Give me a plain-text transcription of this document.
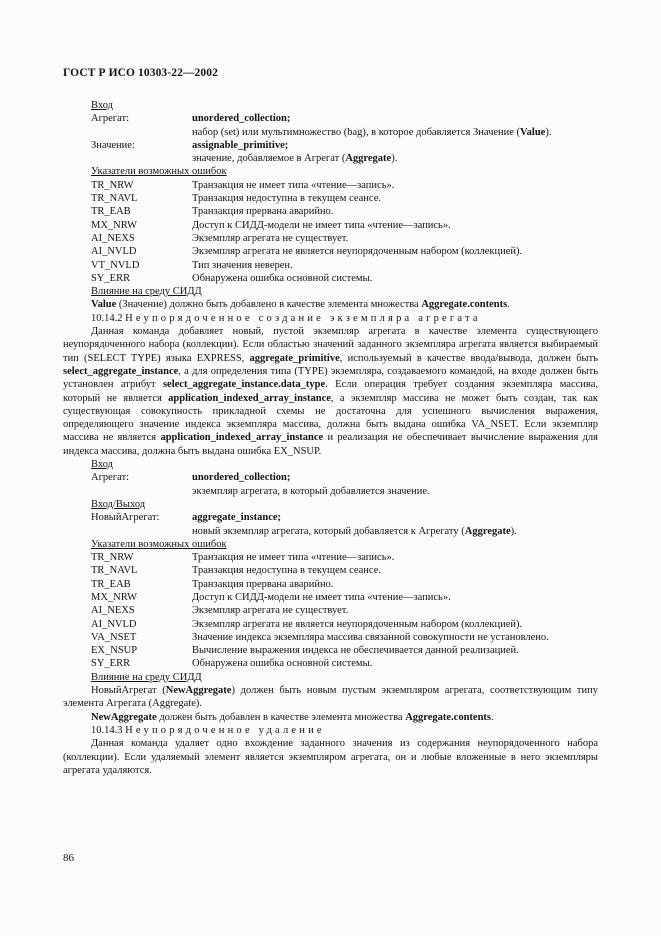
ГОСТ Р ИСО 10303-22—2002
Вход
Агрегат:	unordered_collection;
набор (set) или мультимножество (bag), в которое добавляется Значение (Value).
Значение:	assignable_primitive;
значение, добавляемое в Агрегат (Aggregate).
Указатели возможных ошибок
TR_NRW	Транзакция не имеет типа «чтение—запись».
TR_NAVL	Транзакция недоступна в текущем сеансе.
TR_EAB	Транзакция прервана аварийно.
MX_NRW	Доступ к СИДД-модели не имеет типа «чтение—запись».
AI_NEXS	Экземпляр агрегата не существует.
AI_NVLD	Экземпляр агрегата не является неупорядоченным набором (коллекцией).
VT_NVLD	Тип значения неверен.
SY_ERR	Обнаружена ошибка основной системы.
Влияние на среду СИДД
Value (Значение) должно быть добавлено в качестве элемента множества Aggregate.contents.
10.14.2 Неупорядоченное создание экземпляра агрегата
Данная команда добавляет новый, пустой экземпляр агрегата в качестве элемента существующего неупорядоченного набора (коллекции). Если областью значений заданного экземпляра агрегата является выбираемый тип (SELECT TYPE) языка EXPRESS, aggregate_primitive, используемый в качестве ввода/вывода, должен быть select_aggregate_instance, а для определения типа (TYPE) экземпляра, создаваемого командой, на входе должен быть установлен атрибут select_aggregate_instance.data_type. Если операция требует создания экземпляра массива, который не является application_indexed_array_instance, а экземпляр массива не может быть создан, так как существующая совокупность прикладной схемы не достаточна для успешного вычисления выражения, определяющего значение индекса экземпляра массива, должна быть выдана ошибка VA_NSET. Если экземпляр массива не является application_indexed_array_instance и реализация не обеспечивает вычисление выражения для индекса массива, должна быть выдана ошибка EX_NSUP.
Вход
Агрегат:	unordered_collection;
экземпляр агрегата, в который добавляется значение.
Вход/Выход
НовыйАгрегат:	aggregate_instance;
новый экземпляр агрегата, который добавляется к Агрегату (Aggregate).
Указатели возможных ошибок
TR_NRW	Транзакция не имеет типа «чтение—запись».
TR_NAVL	Транзакция недоступна в текущем сеансе.
TR_EAB	Транзакция прервана аварийно.
MX_NRW	Доступ к СИДД-модели не имеет типа «чтение—запись».
AI_NEXS	Экземпляр агрегата не существует.
AI_NVLD	Экземпляр агрегата не является неупорядоченным набором (коллекцией).
VA_NSET	Значение индекса экземпляра массива связанной совокупности не установлено.
EX_NSUP	Вычисление выражения индекса не обеспечивается данной реализацией.
SY_ERR	Обнаружена ошибка основной системы.
Влияние на среду СИДД
НовыйАгрегат (NewAggregate) должен быть новым пустым экземпляром агрегата, соответствующим типу элемента Агрегата (Aggregate).
NewAggregate должен быть добавлен в качестве элемента множества Aggregate.contents.
10.14.3 Неупорядоченное удаление
Данная команда удаляет одно вхождение заданного значения из содержания неупорядоченного набора (коллекции). Если удаляемый элемент является экземпляром агрегата, он и любые вложенные в него экземпляры агрегата удаляются.
86
